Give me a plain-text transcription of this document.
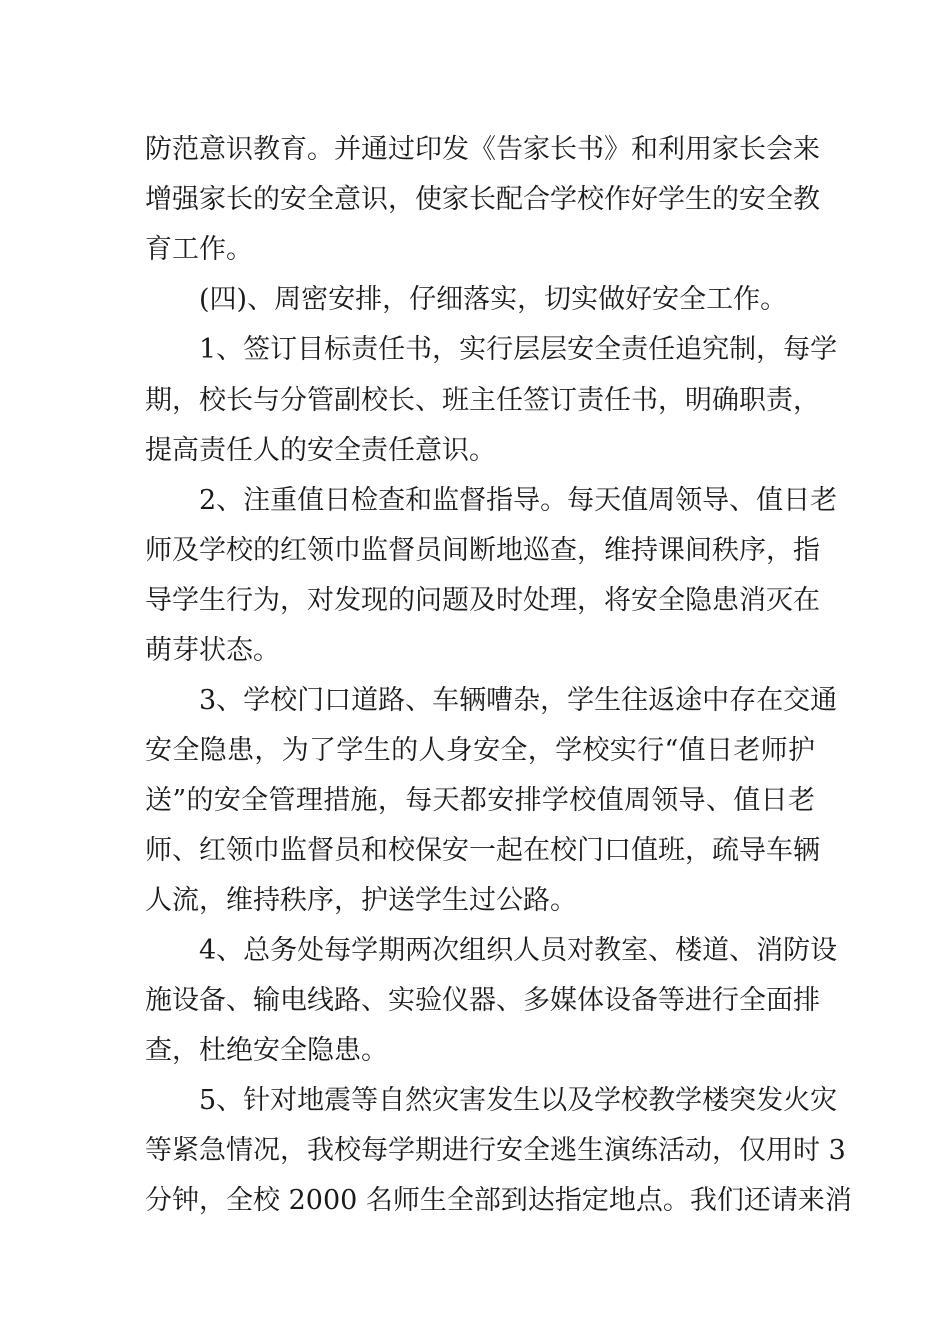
防范意识教育。并通过印发《告家长书》和利用家长会来
增强家长的安全意识，使家长配合学校作好学生的安全教
育工作。
(四)、周密安排，仔细落实，切实做好安全工作。
1、签订目标责任书，实行层层安全责任追究制，每学
期，校长与分管副校长、班主任签订责任书，明确职责，
提高责任人的安全责任意识。
2、注重值日检查和监督指导。每天值周领导、值日老
师及学校的红领巾监督员间断地巡查，维持课间秩序，指
导学生行为，对发现的问题及时处理，将安全隐患消灭在
萌芽状态。
3、学校门口道路、车辆嘈杂，学生往返途中存在交通
安全隐患，为了学生的人身安全，学校实行“值日老师护
送”的安全管理措施，每天都安排学校值周领导、值日老
师、红领巾监督员和校保安一起在校门口值班，疏导车辆
人流，维持秩序，护送学生过公路。
4、总务处每学期两次组织人员对教室、楼道、消防设
施设备、输电线路、实验仪器、多媒体设备等进行全面排
查，杜绝安全隐患。
5、针对地震等自然灾害发生以及学校教学楼突发火灾
等紧急情况，我校每学期进行安全逃生演练活动，仅用时 3
分钟，全校 2000 名师生全部到达指定地点。我们还请来消
